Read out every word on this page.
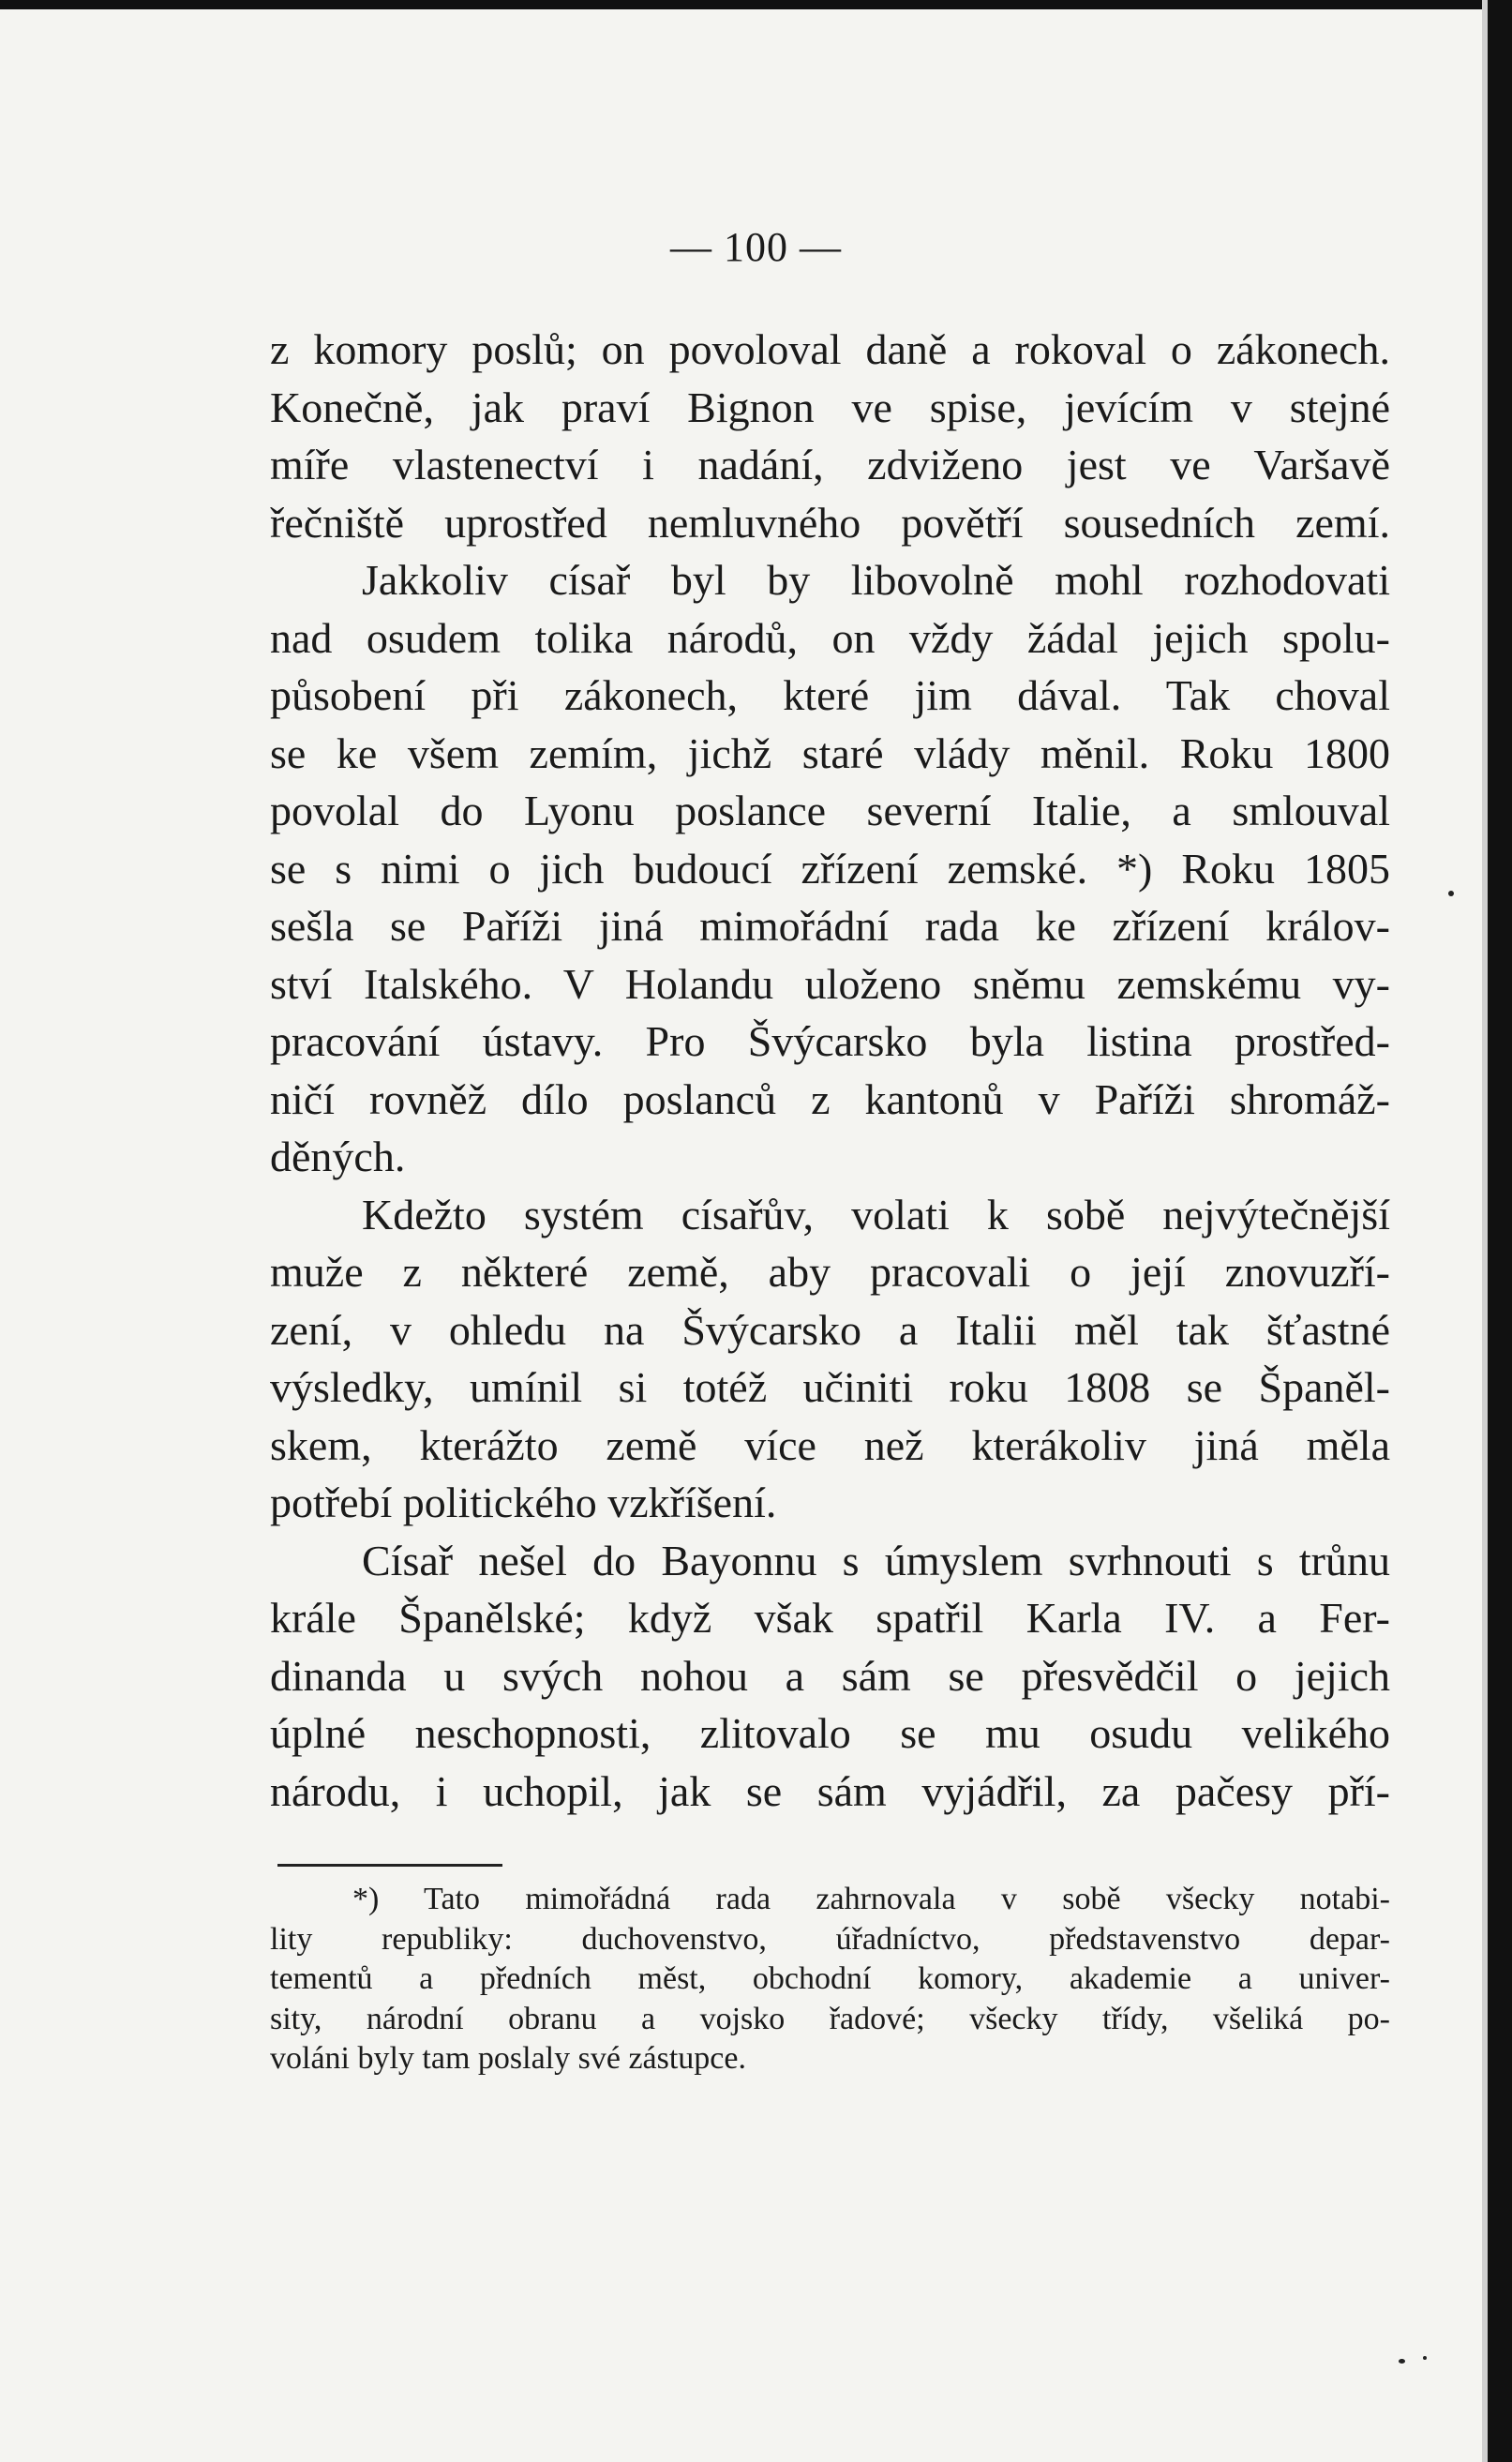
— 100 —
z komory poslů; on povoloval daně a rokoval o zákonech.
Konečně, jak praví Bignon ve spise, jevícím v stejné
míře vlastenectví i nadání, zdviženo jest ve Varšavě
řečniště uprostřed nemluvného povětří sousedních zemí.
Jakkoliv císař byl by libovolně mohl rozhodovati
nad osudem tolika národů, on vždy žádal jejich spolu-
působení při zákonech, které jim dával. Tak choval
se ke všem zemím, jichž staré vlády měnil. Roku 1800
povolal do Lyonu poslance severní Italie, a smlouval
se s nimi o jich budoucí zřízení zemské. *) Roku 1805
sešla se Paříži jiná mimořádní rada ke zřízení králov-
ství Italského. V Holandu uloženo sněmu zemskému vy-
pracování ústavy. Pro Švýcarsko byla listina prostřed-
ničí rovněž dílo poslanců z kantonů v Paříži shromáž-
děných.
Kdežto systém císařův, volati k sobě nejvýtečnější
muže z některé země, aby pracovali o její znovuzří-
zení, v ohledu na Švýcarsko a Italii měl tak šťastné
výsledky, umínil si totéž učiniti roku 1808 se Španěl-
skem, kterážto země více než kterákoliv jiná měla
potřebí politického vzkříšení.
Císař nešel do Bayonnu s úmyslem svrhnouti s trůnu
krále Španělské; když však spatřil Karla IV. a Fer-
dinanda u svých nohou a sám se přesvědčil o jejich
úplné neschopnosti, zlitovalo se mu osudu velikého
národu, i uchopil, jak se sám vyjádřil, za pačesy pří-
*) Tato mimořádná rada zahrnovala v sobě všecky notabi-
lity republiky: duchovenstvo, úřadníctvo, představenstvo depar-
tementů a předních měst, obchodní komory, akademie a univer-
sity, národní obranu a vojsko řadové; všecky třídy, všeliká po-
voláni byly tam poslaly své zástupce.
